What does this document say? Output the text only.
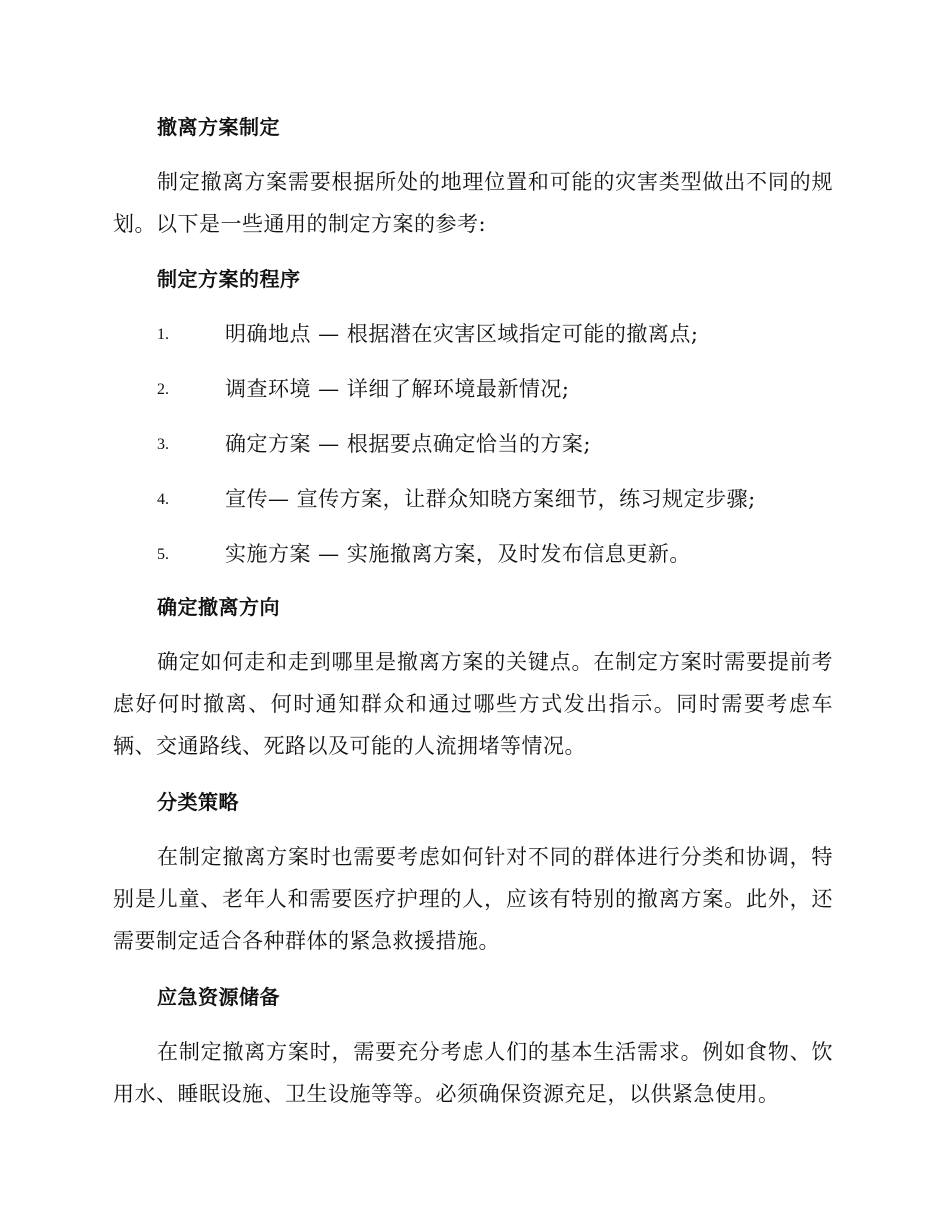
撤离方案制定

制定撤离方案需要根据所处的地理位置和可能的灾害类型做出不同的规划。以下是一些通用的制定方案的参考:

制定方案的程序
1.	明确地点 — 根据潜在灾害区域指定可能的撤离点;
2.	调查环境 — 详细了解环境最新情况;
3.	确定方案 — 根据要点确定恰当的方案;
4.	宣传— 宣传方案，让群众知晓方案细节，练习规定步骤;
5.	实施方案 — 实施撤离方案，及时发布信息更新。
确定撤离方向

确定如何走和走到哪里是撤离方案的关键点。在制定方案时需要提前考虑好何时撤离、何时通知群众和通过哪些方式发出指示。同时需要考虑车辆、交通路线、死路以及可能的人流拥堵等情况。

分类策略

在制定撤离方案时也需要考虑如何针对不同的群体进行分类和协调，特别是儿童、老年人和需要医疗护理的人，应该有特别的撤离方案。此外，还需要制定适合各种群体的紧急救援措施。

应急资源储备

在制定撤离方案时，需要充分考虑人们的基本生活需求。例如食物、饮用水、睡眠设施、卫生设施等等。必须确保资源充足，以供紧急使用。
